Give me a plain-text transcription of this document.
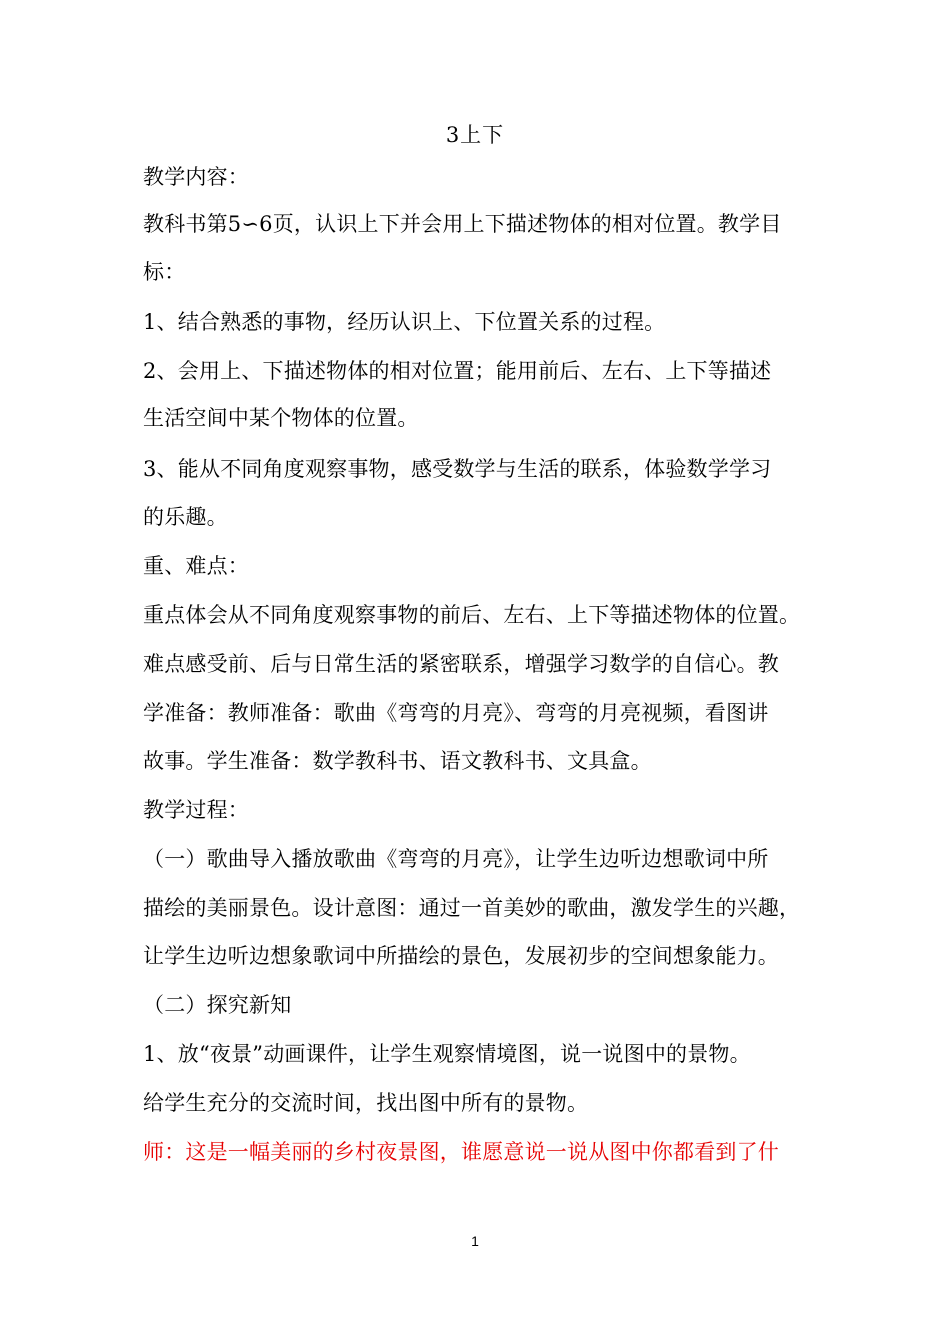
3上下
教学内容：
教科书第5∽6页，认识上下并会用上下描述物体的相对位置。教学目
标：
1、结合熟悉的事物，经历认识上、下位置关系的过程。
2、会用上、下描述物体的相对位置；能用前后、左右、上下等描述
生活空间中某个物体的位置。
3、能从不同角度观察事物，感受数学与生活的联系，体验数学学习
的乐趣。
重、难点：
重点体会从不同角度观察事物的前后、左右、上下等描述物体的位置。
难点感受前、后与日常生活的紧密联系，增强学习数学的自信心。教
学准备：教师准备：歌曲《弯弯的月亮》、弯弯的月亮视频，看图讲
故事。学生准备：数学教科书、语文教科书、文具盒。
教学过程：
（一）歌曲导入播放歌曲《弯弯的月亮》，让学生边听边想歌词中所
描绘的美丽景色。设计意图：通过一首美妙的歌曲，激发学生的兴趣，
让学生边听边想象歌词中所描绘的景色，发展初步的空间想象能力。
（二）探究新知
1、放“夜景”动画课件，让学生观察情境图，说一说图中的景物。
给学生充分的交流时间，找出图中所有的景物。
师：这是一幅美丽的乡村夜景图，谁愿意说一说从图中你都看到了什
1
